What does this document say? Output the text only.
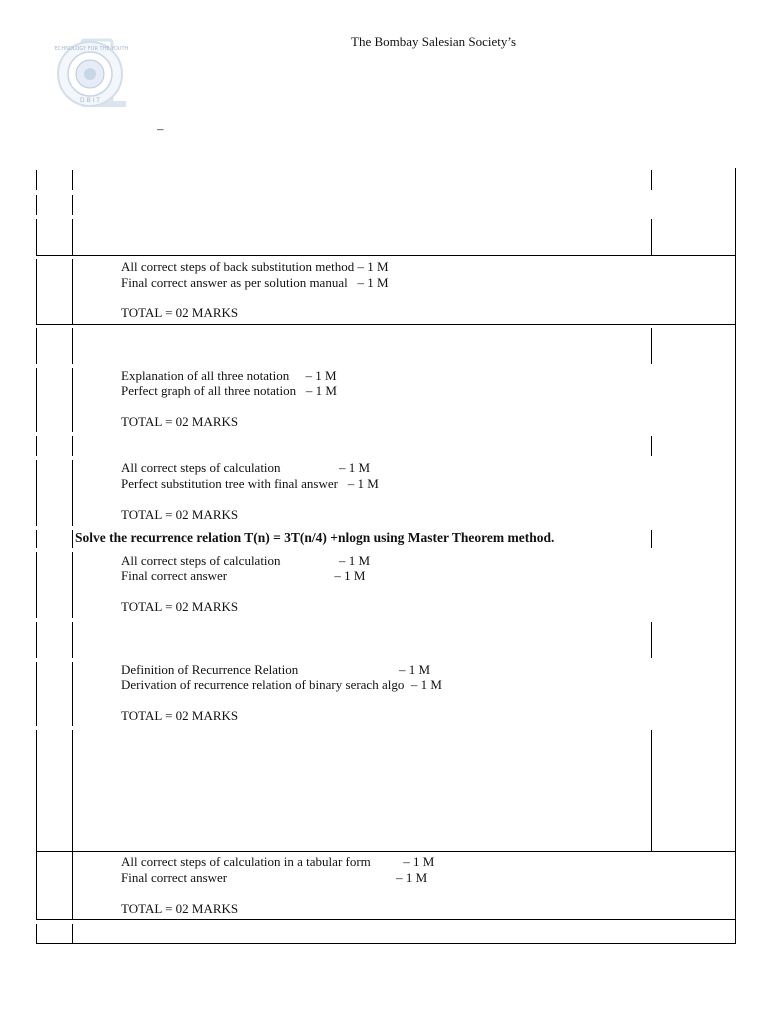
The Bombay Salesian Society’s
TECHNOLOGY FOR THE YOUTH
D B I T
–
All correct steps of back substitution method – 1 M
Final correct answer as per solution manual   – 1 M
TOTAL = 02 MARKS
Explanation of all three notation     – 1 M
Perfect graph of all three notation   – 1 M
TOTAL = 02 MARKS
All correct steps of calculation                  – 1 M
Perfect substitution tree with final answer   – 1 M
TOTAL = 02 MARKS
Solve the recurrence relation T(n) = 3T(n/4) +nlogn using Master Theorem method.
All correct steps of calculation                  – 1 M
Final correct answer                                 – 1 M
TOTAL = 02 MARKS
Definition of Recurrence Relation                               – 1 M
Derivation of recurrence relation of binary serach algo  – 1 M
TOTAL = 02 MARKS
All correct steps of calculation in a tabular form          – 1 M
Final correct answer                                                    – 1 M
TOTAL = 02 MARKS
